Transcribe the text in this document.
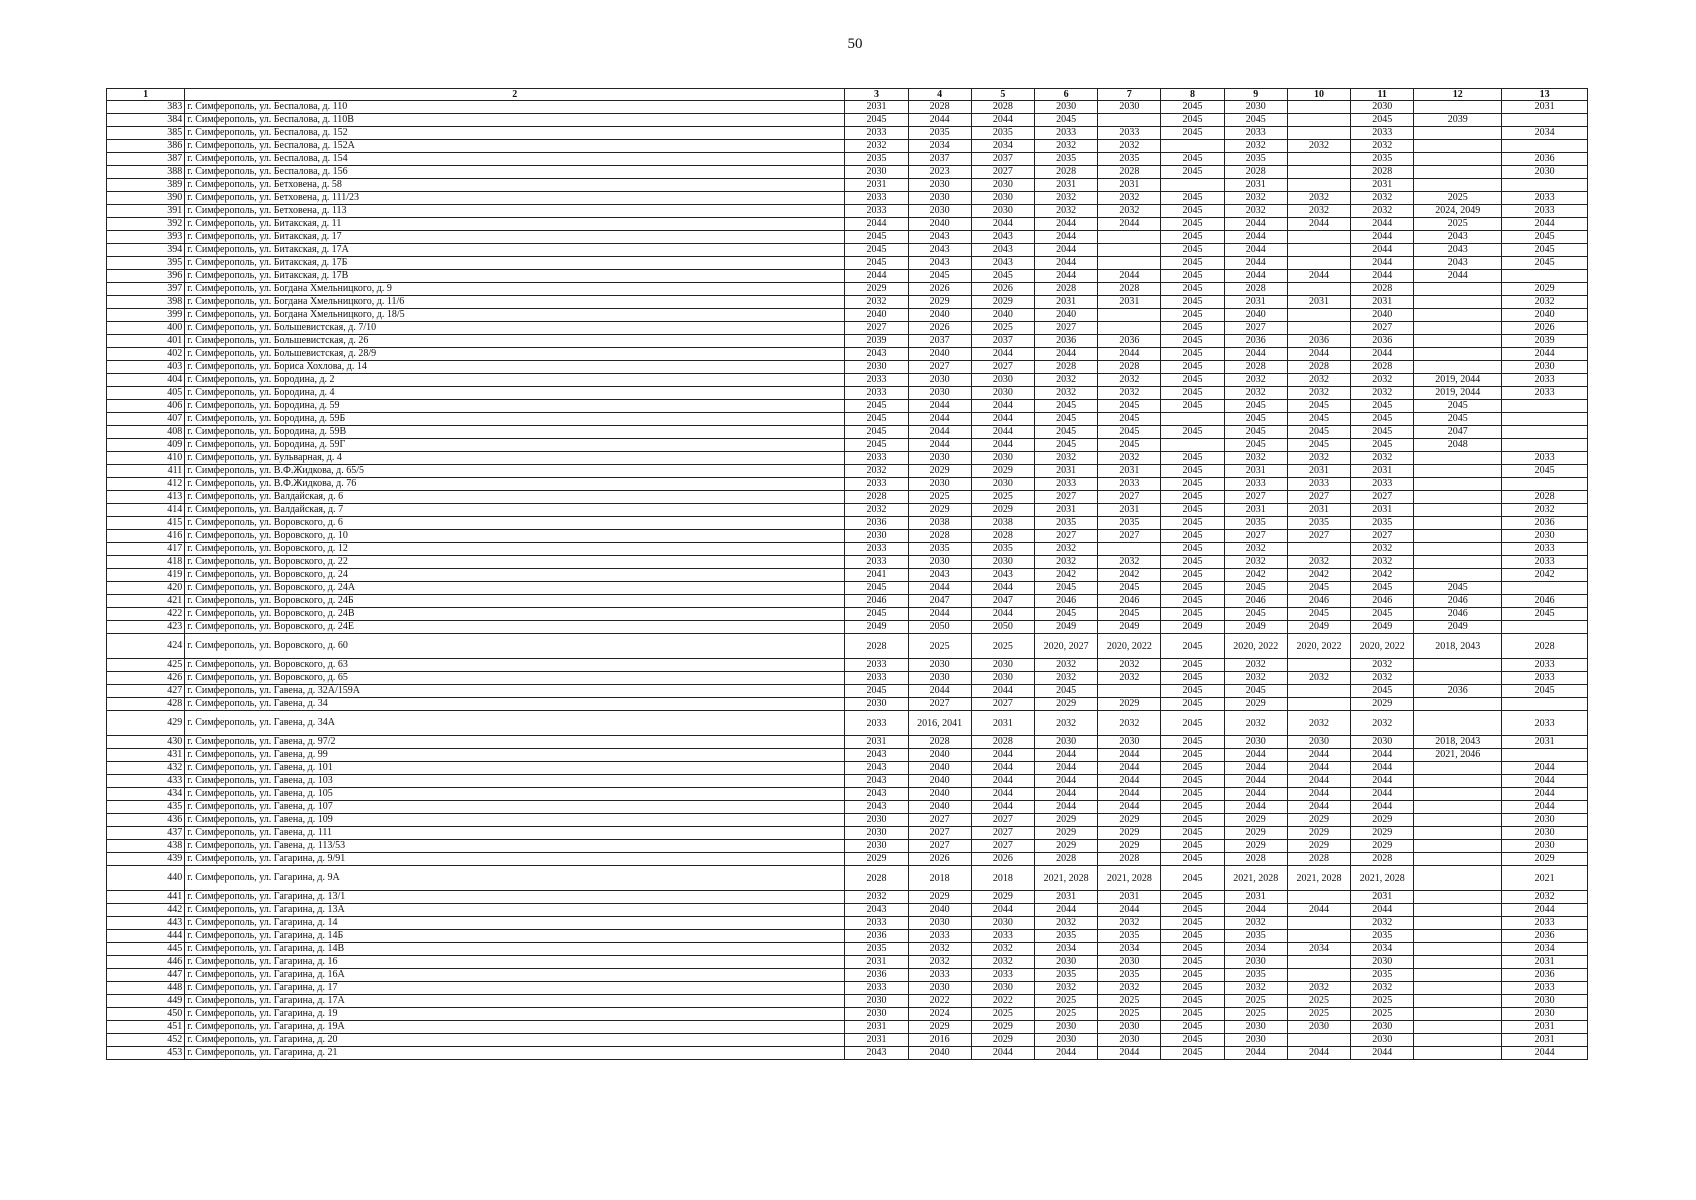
50
1	2	3	4	5	6	7	8	9	10	11	12	13
383	г. Симферополь, ул. Беспалова, д. 110	2031	2028	2028	2030	2030	2045	2030		2030		2031
384	г. Симферополь, ул. Беспалова, д. 110В	2045	2044	2044	2045		2045	2045		2045	2039	
385	г. Симферополь, ул. Беспалова, д. 152	2033	2035	2035	2033	2033	2045	2033		2033		2034
386	г. Симферополь, ул. Беспалова, д. 152А	2032	2034	2034	2032	2032		2032	2032	2032		
387	г. Симферополь, ул. Беспалова, д. 154	2035	2037	2037	2035	2035	2045	2035		2035		2036
388	г. Симферополь, ул. Беспалова, д. 156	2030	2023	2027	2028	2028	2045	2028		2028		2030
389	г. Симферополь, ул. Бетховена, д. 58	2031	2030	2030	2031	2031		2031		2031		
390	г. Симферополь, ул. Бетховена, д. 111/23	2033	2030	2030	2032	2032	2045	2032	2032	2032	2025	2033
391	г. Симферополь, ул. Бетховена, д. 113	2033	2030	2030	2032	2032	2045	2032	2032	2032	2024, 2049	2033
392	г. Симферополь, ул. Битакская, д. 11	2044	2040	2044	2044	2044	2045	2044	2044	2044	2025	2044
393	г. Симферополь, ул. Битакская, д. 17	2045	2043	2043	2044		2045	2044		2044	2043	2045
394	г. Симферополь, ул. Битакская, д. 17А	2045	2043	2043	2044		2045	2044		2044	2043	2045
395	г. Симферополь, ул. Битакская, д. 17Б	2045	2043	2043	2044		2045	2044		2044	2043	2045
396	г. Симферополь, ул. Битакская, д. 17В	2044	2045	2045	2044	2044	2045	2044	2044	2044	2044	
397	г. Симферополь, ул. Богдана Хмельницкого, д. 9	2029	2026	2026	2028	2028	2045	2028		2028		2029
398	г. Симферополь, ул. Богдана Хмельницкого, д. 11/6	2032	2029	2029	2031	2031	2045	2031	2031	2031		2032
399	г. Симферополь, ул. Богдана Хмельницкого, д. 18/5	2040	2040	2040	2040		2045	2040		2040		2040
400	г. Симферополь, ул. Большевистская, д. 7/10	2027	2026	2025	2027		2045	2027		2027		2026
401	г. Симферополь, ул. Большевистская, д. 26	2039	2037	2037	2036	2036	2045	2036	2036	2036		2039
402	г. Симферополь, ул. Большевистская, д. 28/9	2043	2040	2044	2044	2044	2045	2044	2044	2044		2044
403	г. Симферополь, ул. Бориса Хохлова, д. 14	2030	2027	2027	2028	2028	2045	2028	2028	2028		2030
404	г. Симферополь, ул. Бородина, д. 2	2033	2030	2030	2032	2032	2045	2032	2032	2032	2019, 2044	2033
405	г. Симферополь, ул. Бородина, д. 4	2033	2030	2030	2032	2032	2045	2032	2032	2032	2019, 2044	2033
406	г. Симферополь, ул. Бородина, д. 59	2045	2044	2044	2045	2045	2045	2045	2045	2045	2045	
407	г. Симферополь, ул. Бородина, д. 59Б	2045	2044	2044	2045	2045		2045	2045	2045	2045	
408	г. Симферополь, ул. Бородина, д. 59В	2045	2044	2044	2045	2045	2045	2045	2045	2045	2047	
409	г. Симферополь, ул. Бородина, д. 59Г	2045	2044	2044	2045	2045		2045	2045	2045	2048	
410	г. Симферополь, ул. Бульварная, д. 4	2033	2030	2030	2032	2032	2045	2032	2032	2032		2033
411	г. Симферополь, ул. В.Ф.Жидкова, д. 65/5	2032	2029	2029	2031	2031	2045	2031	2031	2031		2045
412	г. Симферополь, ул. В.Ф.Жидкова, д. 76	2033	2030	2030	2033	2033	2045	2033	2033	2033		
413	г. Симферополь, ул. Валдайская, д. 6	2028	2025	2025	2027	2027	2045	2027	2027	2027		2028
414	г. Симферополь, ул. Валдайская, д. 7	2032	2029	2029	2031	2031	2045	2031	2031	2031		2032
415	г. Симферополь, ул. Воровского, д. 6	2036	2038	2038	2035	2035	2045	2035	2035	2035		2036
416	г. Симферополь, ул. Воровского, д. 10	2030	2028	2028	2027	2027	2045	2027	2027	2027		2030
417	г. Симферополь, ул. Воровского, д. 12	2033	2035	2035	2032		2045	2032		2032		2033
418	г. Симферополь, ул. Воровского, д. 22	2033	2030	2030	2032	2032	2045	2032	2032	2032		2033
419	г. Симферополь, ул. Воровского, д. 24	2041	2043	2043	2042	2042	2045	2042	2042	2042		2042
420	г. Симферополь, ул. Воровского, д. 24А	2045	2044	2044	2045	2045	2045	2045	2045	2045	2045	
421	г. Симферополь, ул. Воровского, д. 24Б	2046	2047	2047	2046	2046	2045	2046	2046	2046	2046	2046
422	г. Симферополь, ул. Воровского, д. 24В	2045	2044	2044	2045	2045	2045	2045	2045	2045	2046	2045
423	г. Симферополь, ул. Воровского, д. 24Е	2049	2050	2050	2049	2049	2049	2049	2049	2049	2049	
424	г. Симферополь, ул. Воровского, д. 60	2028	2025	2025	2020, 2027	2020, 2022	2045	2020, 2022	2020, 2022	2020, 2022	2018, 2043	2028
425	г. Симферополь, ул. Воровского, д. 63	2033	2030	2030	2032	2032	2045	2032		2032		2033
426	г. Симферополь, ул. Воровского, д. 65	2033	2030	2030	2032	2032	2045	2032	2032	2032		2033
427	г. Симферополь, ул. Гавена, д. 32А/159А	2045	2044	2044	2045		2045	2045		2045	2036	2045
428	г. Симферополь, ул. Гавена, д. 34	2030	2027	2027	2029	2029	2045	2029		2029		
429	г. Симферополь, ул. Гавена, д. 34А	2033	2016, 2041	2031	2032	2032	2045	2032	2032	2032		2033
430	г. Симферополь, ул. Гавена, д. 97/2	2031	2028	2028	2030	2030	2045	2030	2030	2030	2018, 2043	2031
431	г. Симферополь, ул. Гавена, д. 99	2043	2040	2044	2044	2044	2045	2044	2044	2044	2021, 2046	
432	г. Симферополь, ул. Гавена, д. 101	2043	2040	2044	2044	2044	2045	2044	2044	2044		2044
433	г. Симферополь, ул. Гавена, д. 103	2043	2040	2044	2044	2044	2045	2044	2044	2044		2044
434	г. Симферополь, ул. Гавена, д. 105	2043	2040	2044	2044	2044	2045	2044	2044	2044		2044
435	г. Симферополь, ул. Гавена, д. 107	2043	2040	2044	2044	2044	2045	2044	2044	2044		2044
436	г. Симферополь, ул. Гавена, д. 109	2030	2027	2027	2029	2029	2045	2029	2029	2029		2030
437	г. Симферополь, ул. Гавена, д. 111	2030	2027	2027	2029	2029	2045	2029	2029	2029		2030
438	г. Симферополь, ул. Гавена, д. 113/53	2030	2027	2027	2029	2029	2045	2029	2029	2029		2030
439	г. Симферополь, ул. Гагарина, д. 9/91	2029	2026	2026	2028	2028	2045	2028	2028	2028		2029
440	г. Симферополь, ул. Гагарина, д. 9А	2028	2018	2018	2021, 2028	2021, 2028	2045	2021, 2028	2021, 2028	2021, 2028		2021
441	г. Симферополь, ул. Гагарина, д. 13/1	2032	2029	2029	2031	2031	2045	2031		2031		2032
442	г. Симферополь, ул. Гагарина, д. 13А	2043	2040	2044	2044	2044	2045	2044	2044	2044		2044
443	г. Симферополь, ул. Гагарина, д. 14	2033	2030	2030	2032	2032	2045	2032		2032		2033
444	г. Симферополь, ул. Гагарина, д. 14Б	2036	2033	2033	2035	2035	2045	2035		2035		2036
445	г. Симферополь, ул. Гагарина, д. 14В	2035	2032	2032	2034	2034	2045	2034	2034	2034		2034
446	г. Симферополь, ул. Гагарина, д. 16	2031	2032	2032	2030	2030	2045	2030		2030		2031
447	г. Симферополь, ул. Гагарина, д. 16А	2036	2033	2033	2035	2035	2045	2035		2035		2036
448	г. Симферополь, ул. Гагарина, д. 17	2033	2030	2030	2032	2032	2045	2032	2032	2032		2033
449	г. Симферополь, ул. Гагарина, д. 17А	2030	2022	2022	2025	2025	2045	2025	2025	2025		2030
450	г. Симферополь, ул. Гагарина, д. 19	2030	2024	2025	2025	2025	2045	2025	2025	2025		2030
451	г. Симферополь, ул. Гагарина, д. 19А	2031	2029	2029	2030	2030	2045	2030	2030	2030		2031
452	г. Симферополь, ул. Гагарина, д. 20	2031	2016	2029	2030	2030	2045	2030		2030		2031
453	г. Симферополь, ул. Гагарина, д. 21	2043	2040	2044	2044	2044	2045	2044	2044	2044		2044
